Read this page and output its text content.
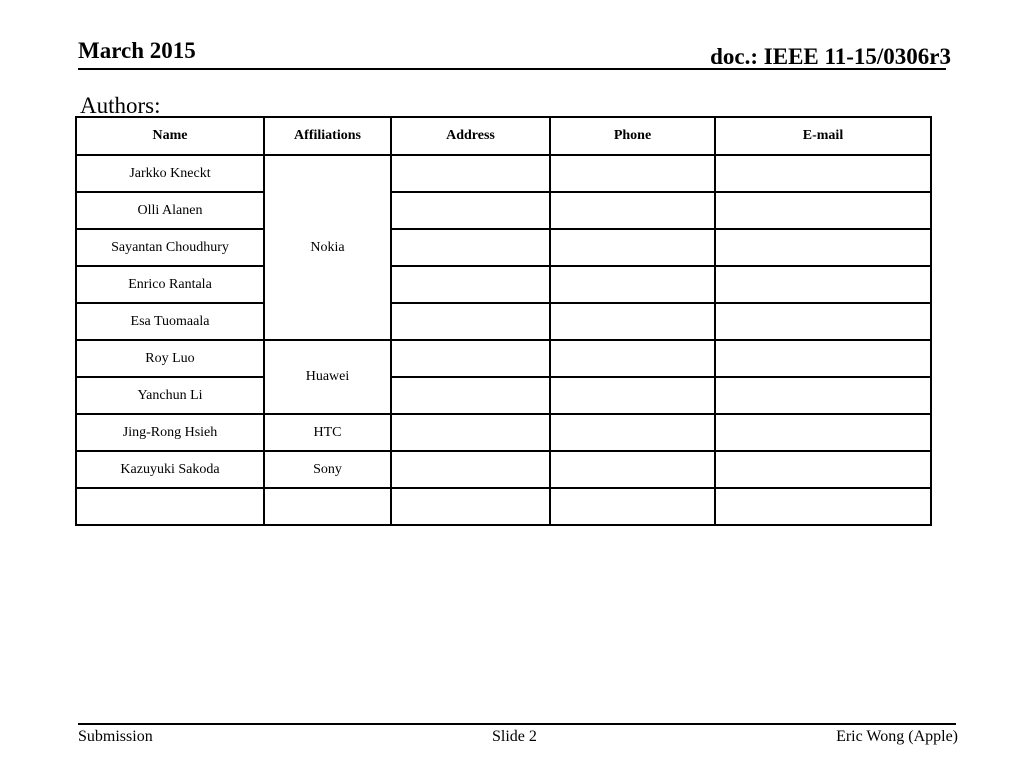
March 2015	doc.: IEEE 11-15/0306r3
Authors:
Name	Affiliations	Address	Phone	E-mail
Jarkko Kneckt	Nokia			
Olli Alanen				
Sayantan Choudhury				
Enrico Rantala				
Esa Tuomaala				
Roy Luo	Huawei			
Yanchun Li				
Jing-Rong Hsieh	HTC			
Kazuyuki Sakoda	Sony			

Submission	Slide 2	Eric Wong (Apple)
